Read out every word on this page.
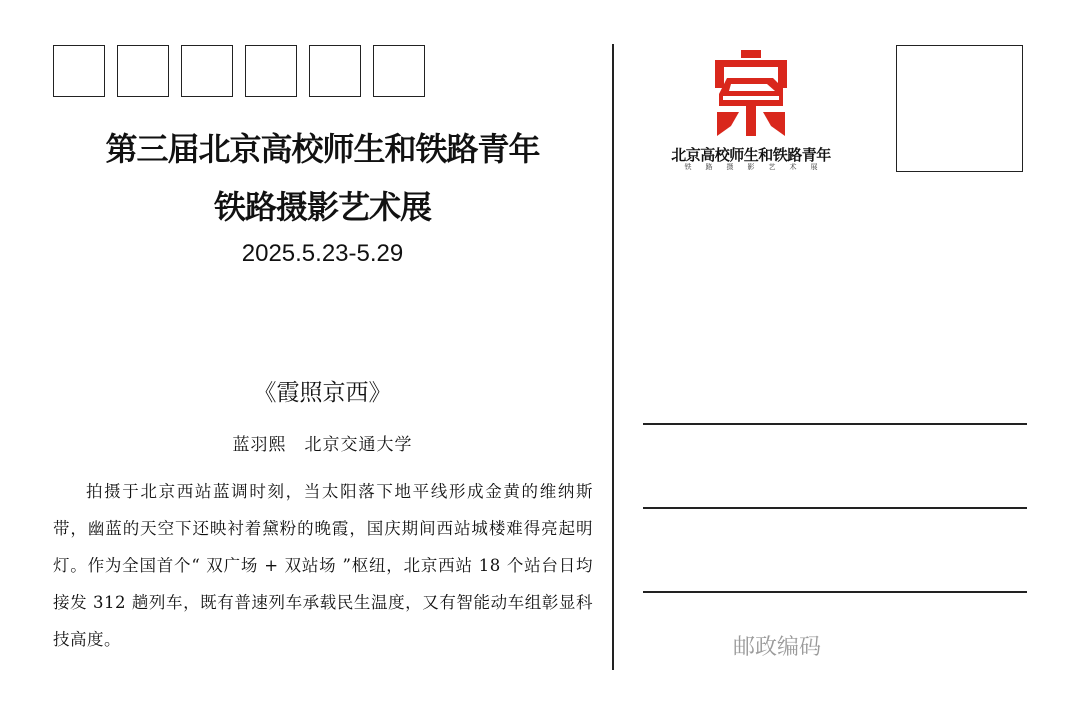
第三届北京高校师生和铁路青年
铁路摄影艺术展
2025.5.23-5.29
《霞照京西》
蓝羽熙　北京交通大学
拍摄于北京西站蓝调时刻，当太阳落下地平线形成金黄的维纳斯带，幽蓝的天空下还映衬着黛粉的晚霞，国庆期间西站城楼难得亮起明灯。作为全国首个“ 双广场 + 双站场 ”枢纽，北京西站 18 个站台日均接发 312 趟列车，既有普速列车承载民生温度，又有智能动车组彰显科技高度。
北京高校师生和铁路青年
铁路摄影艺术展
邮政编码
